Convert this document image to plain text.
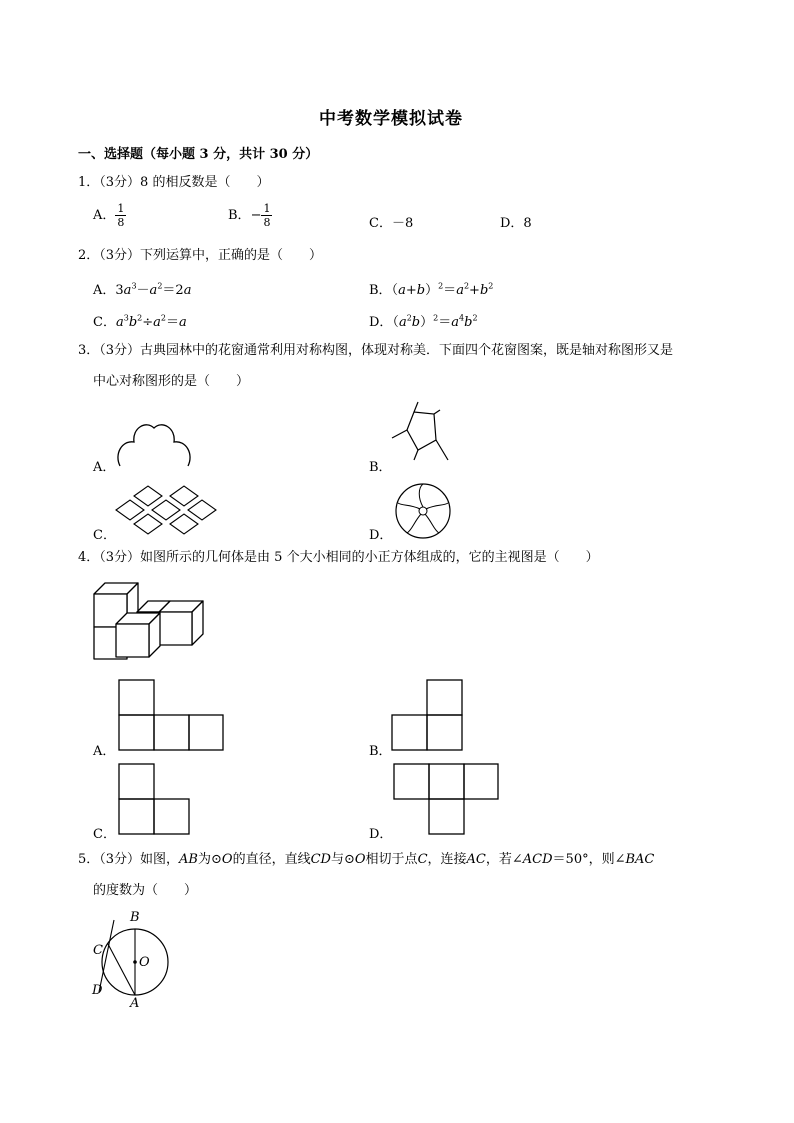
中考数学模拟试卷
一、选择题（每小题 3 分，共计 30 分）
1．（3分）8 的相反数是（　　）
A． $\frac{1}{8}$	B．− $\frac{1}{8}$	C．－8	D．8
2．（3分）下列运算中，正确的是（　　）
A．$3a^3-a^2=2a$	B．$(a+b)^2=a^2+b^2$
C．$a^3b^2\div a^2=a$	D．$(a^2b)^2=a^4b^2$
3．（3分）古典园林中的花窗通常利用对称构图，体现对称美．下面四个花窗图案，既是轴对称图形又是
中心对称图形的是（　　）
A．	B．
C．	D．
4．（3分）如图所示的几何体是由 5 个大小相同的小正方体组成的，它的主视图是（　　）
A．	B．
C．	D．
5．（3分）如图，AB为⊙O的直径，直线CD与⊙O相切于点C，连接AC，若∠ACD＝50°，则∠BAC
的度数为（　　）
B
C
O
D
A
